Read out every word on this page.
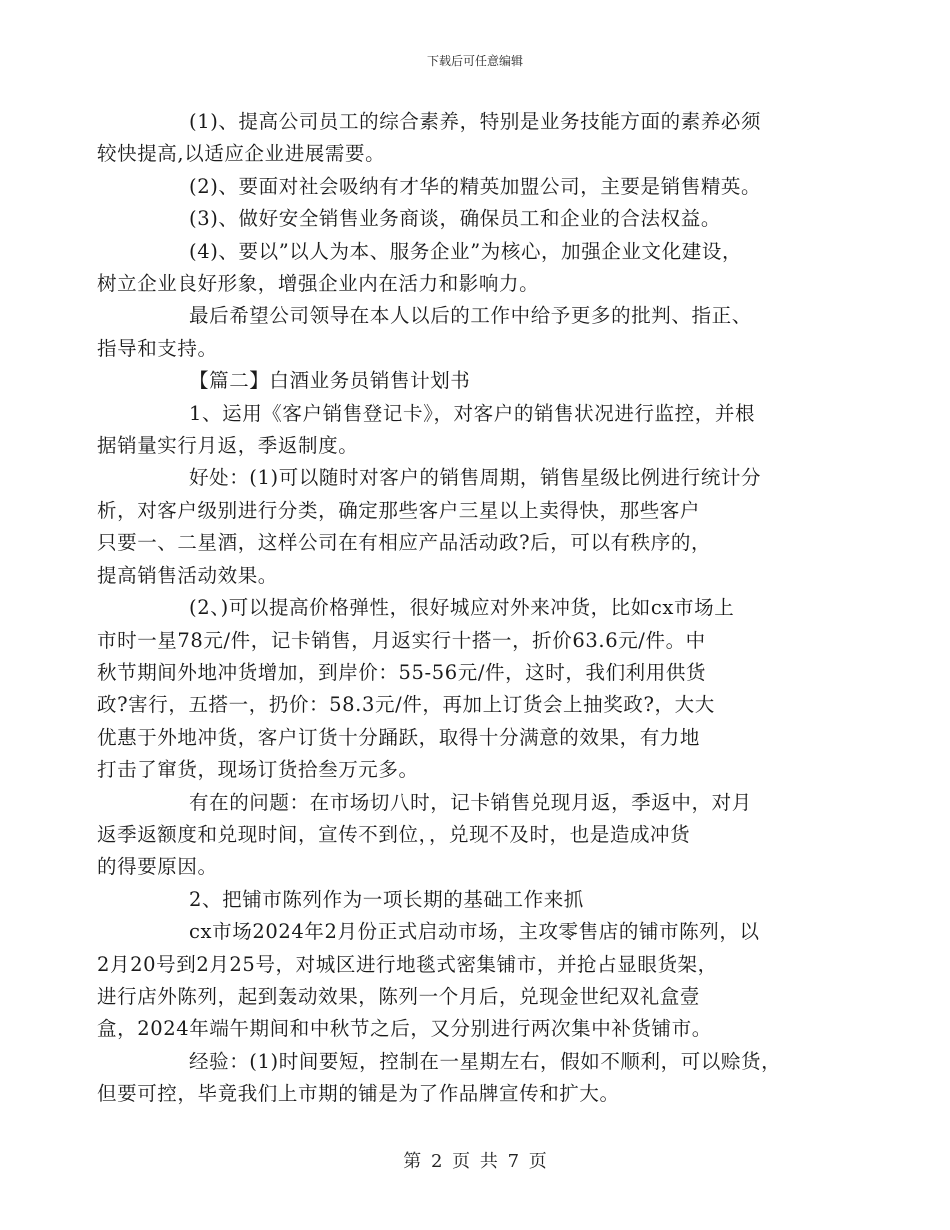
下载后可任意编辑

(1)、提高公司员工的综合素养，特别是业务技能方面的素养必须
较快提高,以适应企业进展需要。

(2)、要面对社会吸纳有才华的精英加盟公司，主要是销售精英。

(3)、做好安全销售业务商谈，确保员工和企业的合法权益。

(4)、要以”以人为本、服务企业”为核心，加强企业文化建设，
树立企业良好形象，增强企业内在活力和影响力。

最后希望公司领导在本人以后的工作中给予更多的批判、指正、
指导和支持。

【篇二】白酒业务员销售计划书

1、运用《客户销售登记卡》，对客户的销售状况进行监控，并根
据销量实行月返，季返制度。

好处：(1)可以随时对客户的销售周期，销售星级比例进行统计分
析，对客户级别进行分类，确定那些客户三星以上卖得快，那些客户
只要一、二星酒，这样公司在有相应产品活动政?后，可以有秩序的，
提高销售活动效果。

(2、)可以提高价格弹性，很好城应对外来冲货，比如cx市场上
市时一星78元/件，记卡销售，月返实行十搭一，折价63.6元/件。中
秋节期间外地冲货增加，到岸价：55-56元/件，这时，我们利用供货
政?害行，五搭一，扔价：58.3元/件，再加上订货会上抽奖政?，大大
优惠于外地冲货，客户订货十分踊跃，取得十分满意的效果，有力地
打击了窜货，现场订货拾叁万元多。

有在的问题：在市场切八时，记卡销售兑现月返，季返中，对月
返季返额度和兑现时间，宣传不到位，，兑现不及时，也是造成冲货
的得要原因。

2、把铺市陈列作为一项长期的基础工作来抓

cx市场2024年2月份正式启动市场，主攻零售店的铺市陈列，以
2月20号到2月25号，对城区进行地毯式密集铺市，并抢占显眼货架，
进行店外陈列，起到轰动效果，陈列一个月后，兑现金世纪双礼盒壹
盒，2024年端午期间和中秋节之后，又分别进行两次集中补货铺市。

经验：(1)时间要短，控制在一星期左右，假如不顺利，可以赊货，
但要可控，毕竟我们上市期的铺是为了作品牌宣传和扩大。

第 2 页 共 7 页
